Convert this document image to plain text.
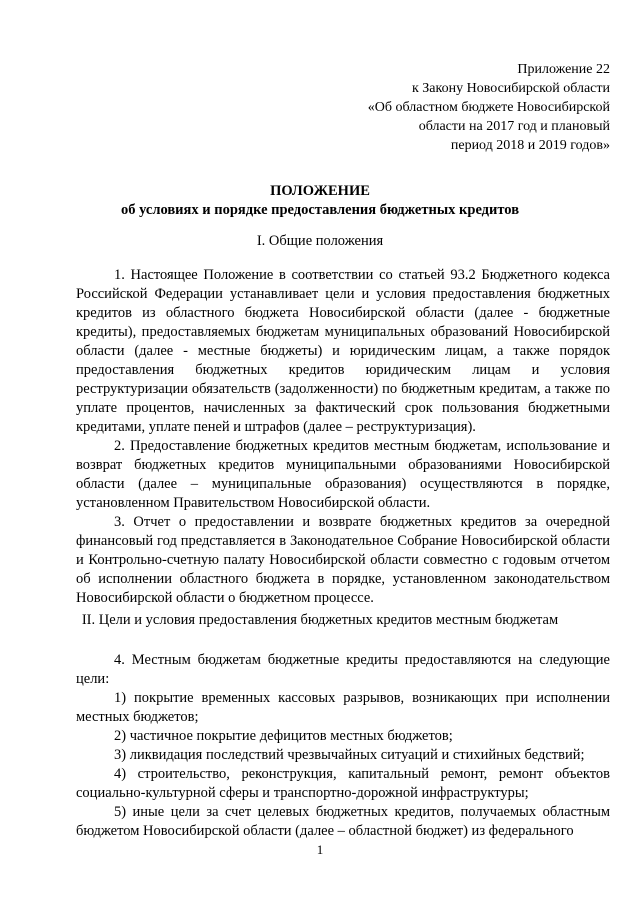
Приложение 22
к Закону Новосибирской области
«Об областном бюджете Новосибирской
области на 2017 год и плановый
период 2018 и 2019 годов»
ПОЛОЖЕНИЕ
об условиях и порядке предоставления бюджетных кредитов
I. Общие положения

1. Настоящее Положение в соответствии со статьей 93.2 Бюджетного кодекса Российской Федерации устанавливает цели и условия предоставления бюджетных кредитов из областного бюджета Новосибирской области (далее - бюджетные кредиты), предоставляемых бюджетам муниципальных образований Новосибирской области (далее - местные бюджеты) и юридическим лицам, а также порядок предоставления бюджетных кредитов юридическим лицам и условия реструктуризации обязательств (задолженности) по бюджетным кредитам, а также по уплате процентов, начисленных за фактический срок пользования бюджетными кредитами, уплате пеней и штрафов (далее – реструктуризация).

2. Предоставление бюджетных кредитов местным бюджетам, использование и возврат бюджетных кредитов муниципальными образованиями Новосибирской области (далее – муниципальные образования) осуществляются в порядке, установленном Правительством Новосибирской области.

3. Отчет о предоставлении и возврате бюджетных кредитов за очередной финансовый год представляется в Законодательное Собрание Новосибирской области и Контрольно-счетную палату Новосибирской области совместно с годовым отчетом об исполнении областного бюджета в порядке, установленном законодательством Новосибирской области о бюджетном процессе.

II. Цели и условия предоставления бюджетных кредитов местным бюджетам

4. Местным бюджетам бюджетные кредиты предоставляются на следующие цели:

1) покрытие временных кассовых разрывов, возникающих при исполнении местных бюджетов;

2) частичное покрытие дефицитов местных бюджетов;

3) ликвидация последствий чрезвычайных ситуаций и стихийных бедствий;

4) строительство, реконструкция, капитальный ремонт, ремонт объектов социально-культурной сферы и транспортно-дорожной инфраструктуры;

5) иные цели за счет целевых бюджетных кредитов, получаемых областным бюджетом Новосибирской области (далее – областной бюджет) из федерального

1
